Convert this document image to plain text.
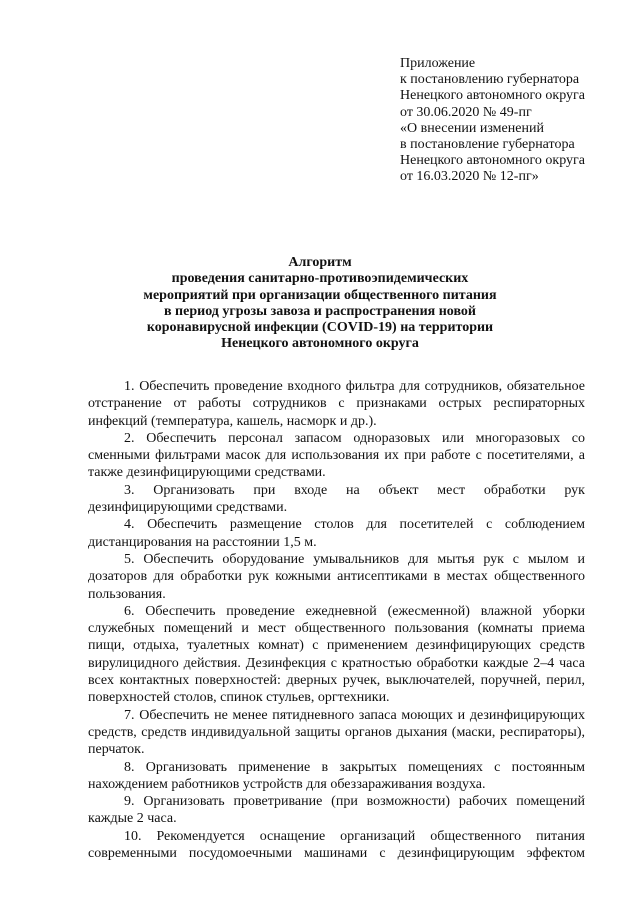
Приложение
к постановлению губернатора
Ненецкого автономного округа
от 30.06.2020 № 49-пг
«О внесении изменений
в постановление губернатора
Ненецкого автономного округа
от 16.03.2020 № 12-пг»
Алгоритм
проведения санитарно-противоэпидемических
мероприятий при организации общественного питания
в период угрозы завоза и распространения новой
коронавирусной инфекции (COVID-19) на территории
Ненецкого автономного округа

1. Обеспечить проведение входного фильтра для сотрудников, обязательное отстранение от работы сотрудников с признаками острых респираторных инфекций (температура, кашель, насморк и др.).

2. Обеспечить персонал запасом одноразовых или многоразовых со сменными фильтрами масок для использования их при работе с посетителями, а также дезинфицирующими средствами.

3. Организовать при входе на объект мест обработки рук дезинфицирующими средствами.

4. Обеспечить размещение столов для посетителей с соблюдением дистанцирования на расстоянии 1,5 м.

5. Обеспечить оборудование умывальников для мытья рук с мылом и дозаторов для обработки рук кожными антисептиками в местах общественного пользования.

6. Обеспечить проведение ежедневной (ежесменной) влажной уборки служебных помещений и мест общественного пользования (комнаты приема пищи, отдыха, туалетных комнат) с применением дезинфицирующих средств вирулицидного действия. Дезинфекция с кратностью обработки каждые 2–4 часа всех контактных поверхностей: дверных ручек, выключателей, поручней, перил, поверхностей столов, спинок стульев, оргтехники.

7. Обеспечить не менее пятидневного запаса моющих и дезинфицирующих средств, средств индивидуальной защиты органов дыхания (маски, респираторы), перчаток.

8. Организовать применение в закрытых помещениях с постоянным нахождением работников устройств для обеззараживания воздуха.

9. Организовать проветривание (при возможности) рабочих помещений каждые 2 часа.

10. Рекомендуется оснащение организаций общественного питания современными посудомоечными машинами с дезинфицирующим эффектом
